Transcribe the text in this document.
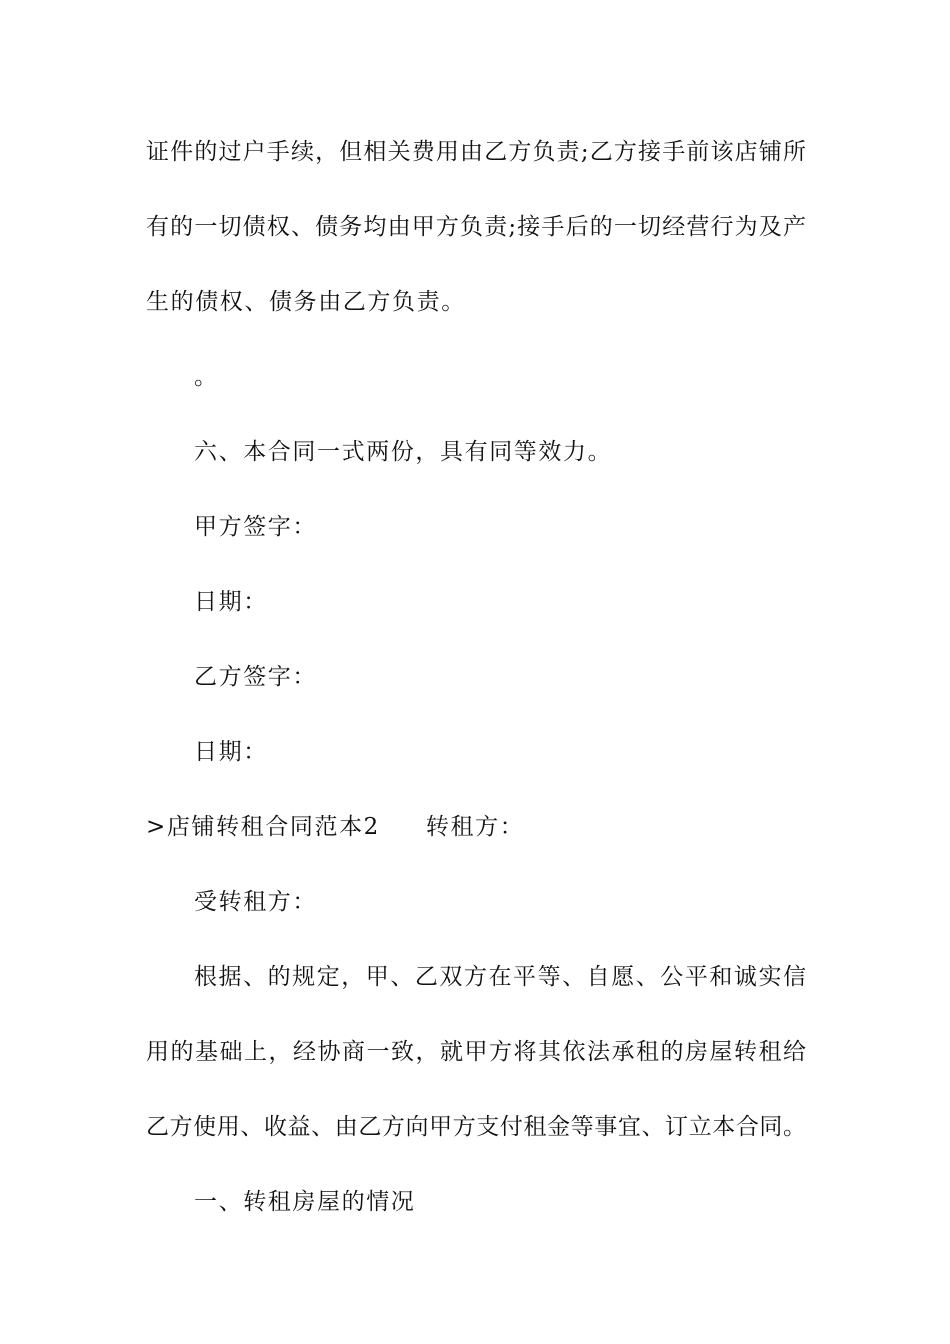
证件的过户手续，但相关费用由乙方负责;乙方接手前该店铺所
有的一切债权、债务均由甲方负责;接手后的一切经营行为及产
生的债权、债务由乙方负责。
。
六、本合同一式两份，具有同等效力。
甲方签字：
日期：
乙方签字：
日期：
>店铺转租合同范本2 转租方：
受转租方：
根据、的规定，甲、乙双方在平等、自愿、公平和诚实信
用的基础上，经协商一致，就甲方将其依法承租的房屋转租给
乙方使用、收益、由乙方向甲方支付租金等事宜、订立本合同。
一、转租房屋的情况
